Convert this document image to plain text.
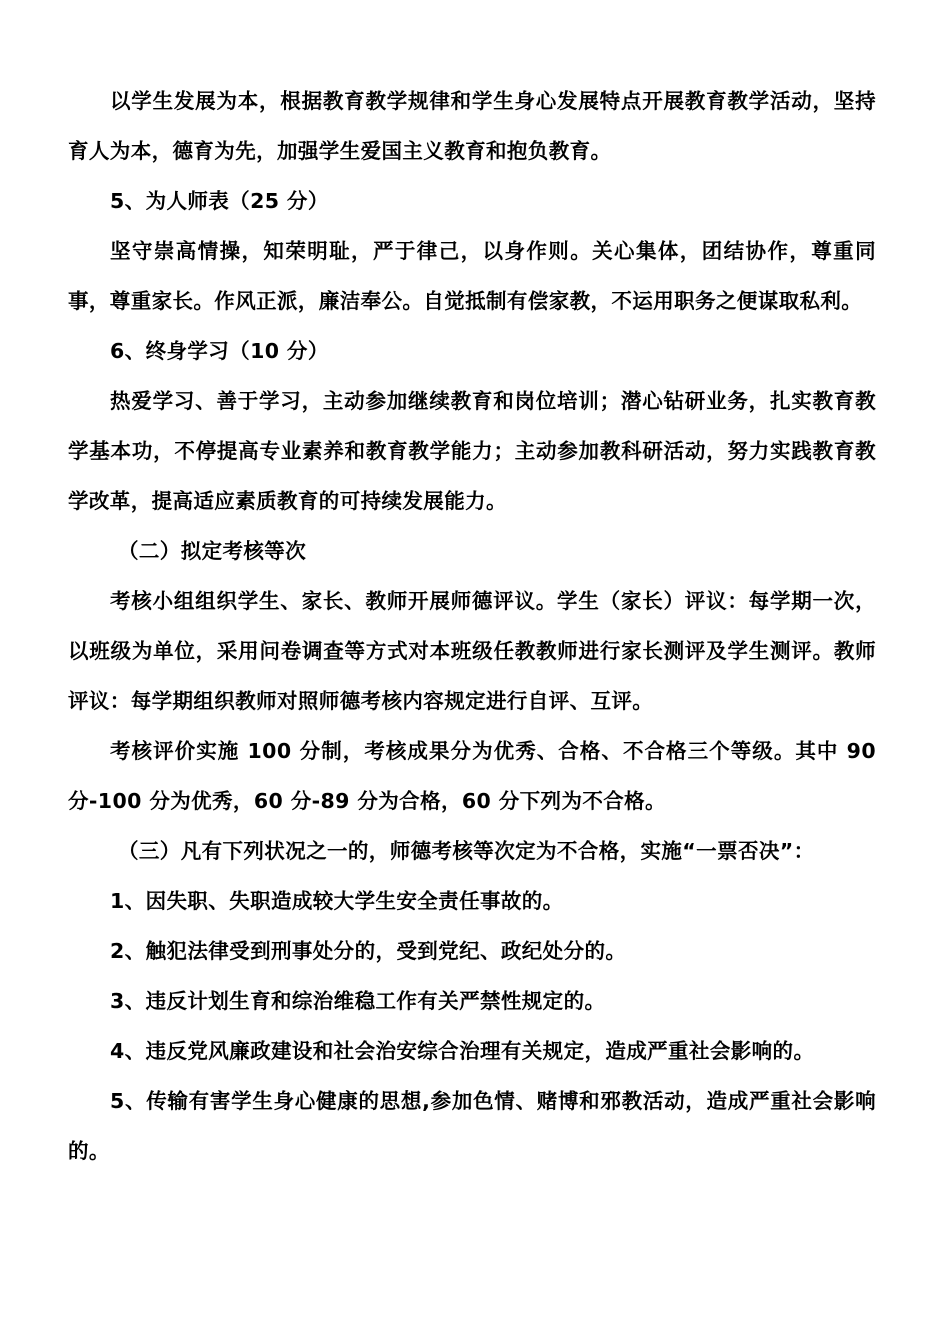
以学生发展为本，根据教育教学规律和学生身心发展特点开展教育教学活动，坚持育人为本，德育为先，加强学生爱国主义教育和抱负教育。

5、为人师表（25 分）

坚守崇高情操，知荣明耻，严于律己，以身作则。关心集体，团结协作，尊重同事，尊重家长。作风正派，廉洁奉公。自觉抵制有偿家教，不运用职务之便谋取私利。

6、终身学习（10 分）

热爱学习、善于学习，主动参加继续教育和岗位培训；潜心钻研业务，扎实教育教学基本功，不停提高专业素养和教育教学能力；主动参加教科研活动，努力实践教育教学改革，提高适应素质教育的可持续发展能力。

（二）拟定考核等次

考核小组组织学生、家长、教师开展师德评议。学生（家长）评议：每学期一次，以班级为单位，采用问卷调查等方式对本班级任教教师进行家长测评及学生测评。教师评议：每学期组织教师对照师德考核内容规定进行自评、互评。

考核评价实施 100 分制，考核成果分为优秀、合格、不合格三个等级。其中 90 分-100 分为优秀，60 分-89 分为合格，60 分下列为不合格。

（三）凡有下列状况之一的，师德考核等次定为不合格，实施“一票否决”：

1、因失职、失职造成较大学生安全责任事故的。

2、触犯法律受到刑事处分的，受到党纪、政纪处分的。

3、违反计划生育和综治维稳工作有关严禁性规定的。

4、违反党风廉政建设和社会治安综合治理有关规定，造成严重社会影响的。

5、传输有害学生身心健康的思想,参加色情、赌博和邪教活动，造成严重社会影响的。
